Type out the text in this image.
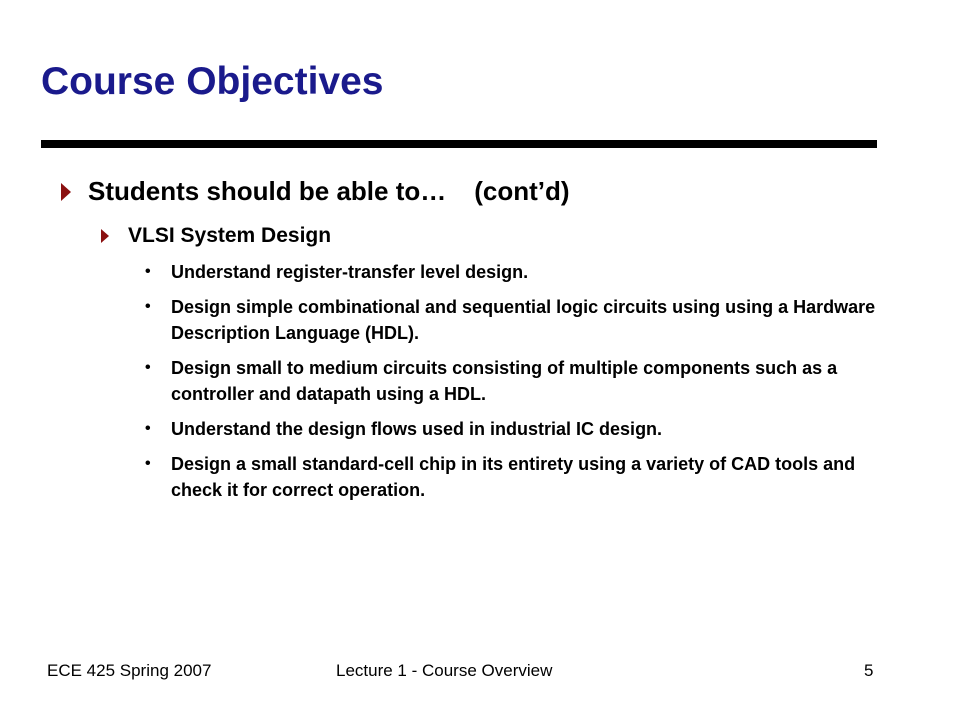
Course Objectives
Students should be able to… (cont’d)
VLSI System Design
• Understand register-transfer level design.
• Design simple combinational and sequential logic circuits using using a Hardware Description Language (HDL).
• Design small to medium circuits consisting of multiple components such as a controller and datapath using a HDL.
• Understand the design flows used in industrial IC design.
• Design a small standard-cell chip in its entirety using a variety of CAD tools and check it for correct operation.
ECE 425 Spring 2007	Lecture 1 - Course Overview	5
